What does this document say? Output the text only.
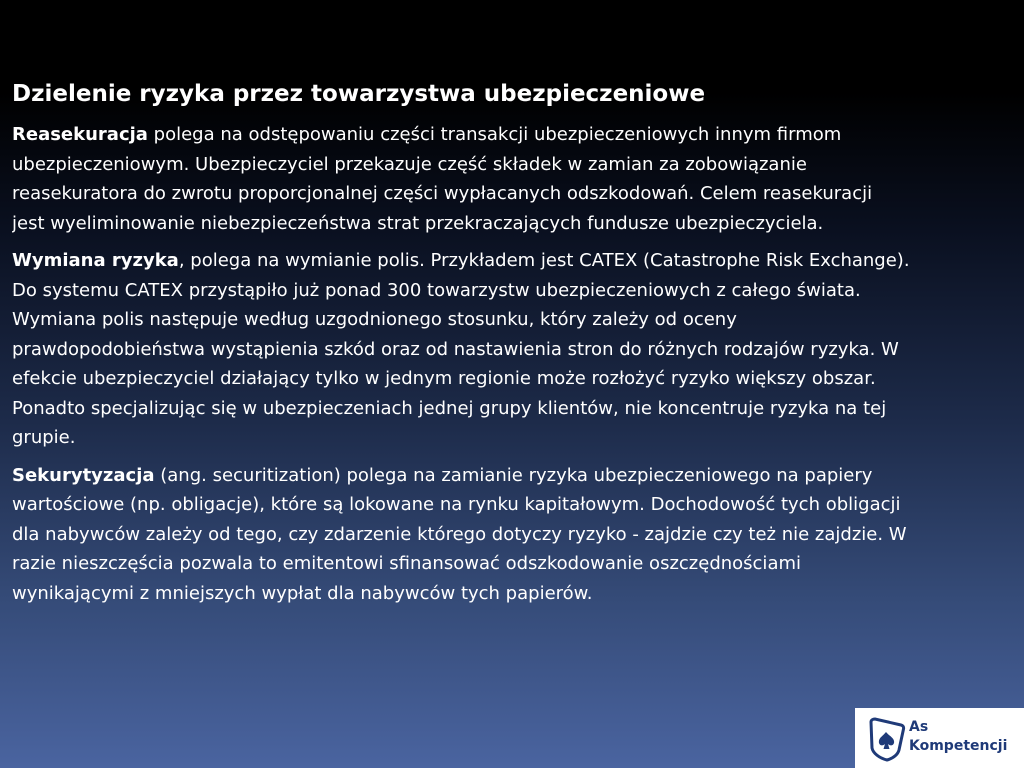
Dzielenie ryzyka przez towarzystwa ubezpieczeniowe
Reasekuracja polega na odstępowaniu części transakcji ubezpieczeniowych innym firmom
ubezpieczeniowym. Ubezpieczyciel przekazuje część składek w zamian za zobowiązanie
reasekuratora do zwrotu proporcjonalnej części wypłacanych odszkodowań. Celem reasekuracji
jest wyeliminowanie niebezpieczeństwa strat przekraczających fundusze ubezpieczyciela.
Wymiana ryzyka, polega na wymianie polis. Przykładem jest CATEX (Catastrophe Risk Exchange).
Do systemu CATEX przystąpiło już ponad 300 towarzystw ubezpieczeniowych z całego świata.
Wymiana polis następuje według uzgodnionego stosunku, który zależy od oceny
prawdopodobieństwa wystąpienia szkód oraz od nastawienia stron do różnych rodzajów ryzyka. W
efekcie ubezpieczyciel działający tylko w jednym regionie może rozłożyć ryzyko większy obszar.
Ponadto specjalizując się w ubezpieczeniach jednej grupy klientów, nie koncentruje ryzyka na tej
grupie.
Sekurytyzacja (ang. securitization) polega na zamianie ryzyka ubezpieczeniowego na papiery
wartościowe (np. obligacje), które są lokowane na rynku kapitałowym. Dochodowość tych obligacji
dla nabywców zależy od tego, czy zdarzenie którego dotyczy ryzyko - zajdzie czy też nie zajdzie. W
razie nieszczęścia pozwala to emitentowi sfinansować odszkodowanie oszczędnościami
wynikającymi z mniejszych wypłat dla nabywców tych papierów.
As
Kompetencji
